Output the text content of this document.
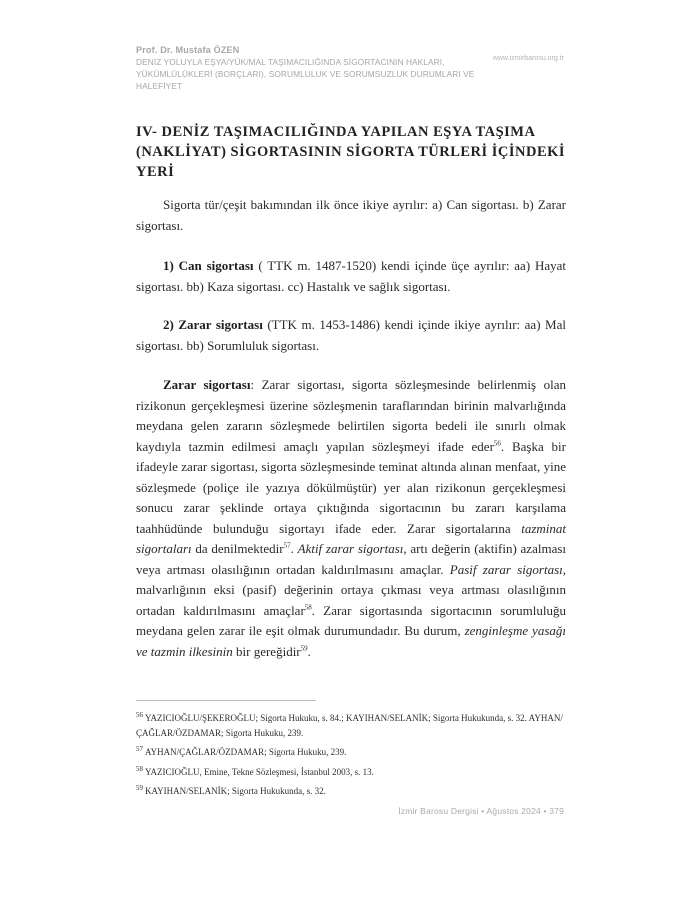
Prof. Dr. Mustafa ÖZEN
www.izmirbarosu.org.tr
DENİZ YOLUYLA EŞYA/YÜK/MAL TAŞIMACILIĞINDA SİGORTACININ HAKLARI, YÜKÜMLÜLÜKLERİ (BORÇLARI), SORUMLULUK VE SORUMSUZLUK DURUMLARI VE HALEFİYET
IV- DENİZ TAŞIMACILIĞINDA YAPILAN EŞYA TAŞIMA (NAKLİYAT) SİGORTASININ SİGORTA TÜRLERİ İÇİNDEKİ YERİ

Sigorta tür/çeşit bakımından ilk önce ikiye ayrılır: a) Can sigortası. b) Zarar sigortası.

1) Can sigortası ( TTK m. 1487-1520) kendi içinde üçe ayrılır: aa) Hayat sigortası. bb) Kaza sigortası. cc) Hastalık ve sağlık sigortası.

2) Zarar sigortası (TTK m. 1453-1486) kendi içinde ikiye ayrılır: aa) Mal sigortası. bb) Sorumluluk sigortası.

Zarar sigortası: Zarar sigortası, sigorta sözleşmesinde belirlenmiş olan rizikonun gerçekleşmesi üzerine sözleşmenin taraflarından birinin malvarlığında meydana gelen zararın sözleşmede belirtilen sigorta bedeli ile sınırlı olmak kaydıyla tazmin edilmesi amaçlı yapılan sözleşmeyi ifade eder$^{56}$. Başka bir ifadeyle zarar sigortası, sigorta sözleşmesinde teminat altında alınan menfaat, yine sözleşmede (poliçe ile yazıya dökülmüştür) yer alan rizikonun gerçekleşmesi sonucu zarar şeklinde ortaya çıktığında sigortacının bu zararı karşılama taahhüdünde bulunduğu sigortayı ifade eder. Zarar sigortalarına tazminat sigortaları da denilmektedir$^{57}$. Aktif zarar sigortası, artı değerin (aktifin) azalması veya artması olasılığının ortadan kaldırılmasını amaçlar. Pasif zarar sigortası, malvarlığının eksi (pasif) değerinin ortaya çıkması veya artması olasılığının ortadan kaldırılmasını amaçlar$^{58}$. Zarar sigortasında sigortacının sorumluluğu meydana gelen zarar ile eşit olmak durumundadır. Bu durum, zenginleşme yasağı ve tazmin ilkesinin bir gereğidir$^{59}$.

$^{56}$ YAZICIOĞLU/ŞEKEROĞLU; Sigorta Hukuku, s. 84.; KAYIHAN/SELANİK; Sigorta Hukukunda, s. 32. AYHAN/ÇAĞLAR/ÖZDAMAR; Sigorta Hukuku, 239.
$^{57}$ AYHAN/ÇAĞLAR/ÖZDAMAR; Sigorta Hukuku, 239.
$^{58}$ YAZICIOĞLU, Emine, Tekne Sözleşmesi, İstanbul 2003, s. 13.
$^{59}$ KAYIHAN/SELANİK; Sigorta Hukukunda, s. 32.
İzmir Barosu Dergisi • Ağustos 2024 • 379
